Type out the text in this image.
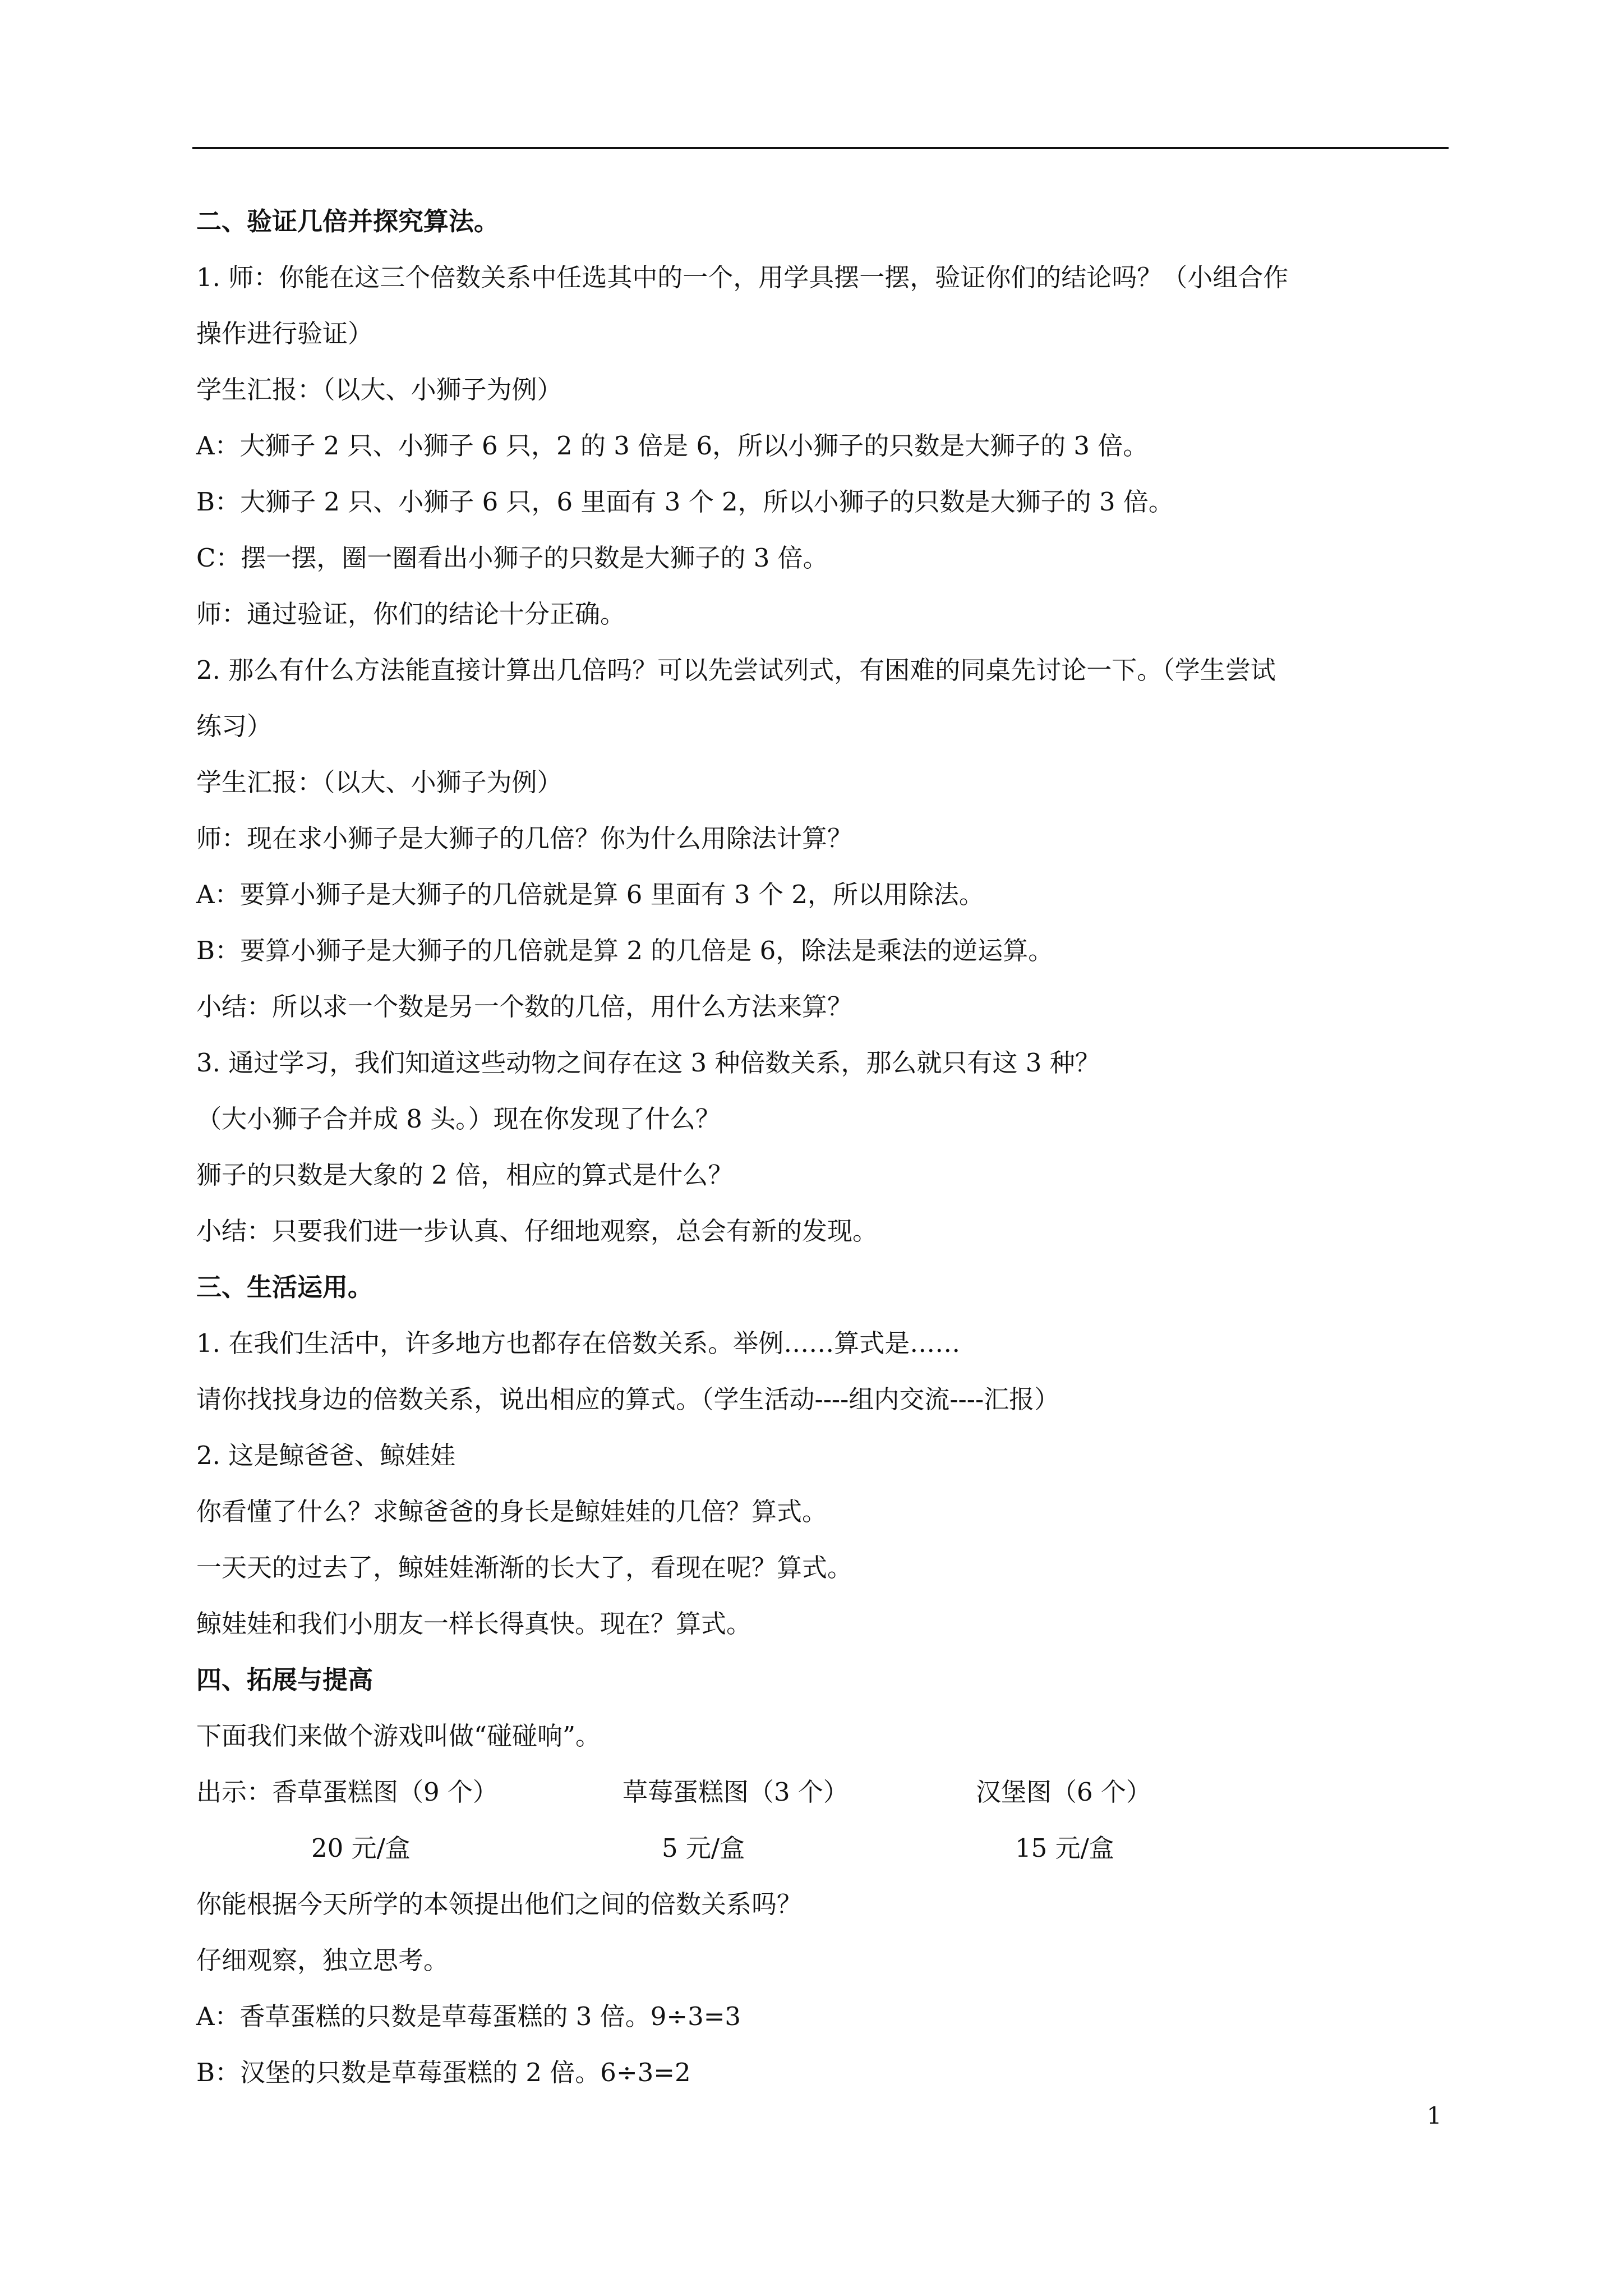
二、验证几倍并探究算法。
1. 师：你能在这三个倍数关系中任选其中的一个，用学具摆一摆，验证你们的结论吗？（小组合作
操作进行验证）
学生汇报：（以大、小狮子为例）
A：大狮子 2 只、小狮子 6 只，2 的 3 倍是 6，所以小狮子的只数是大狮子的 3 倍。
B：大狮子 2 只、小狮子 6 只，6 里面有 3 个 2，所以小狮子的只数是大狮子的 3 倍。
C：摆一摆，圈一圈看出小狮子的只数是大狮子的 3 倍。
师：通过验证，你们的结论十分正确。
2. 那么有什么方法能直接计算出几倍吗？可以先尝试列式，有困难的同桌先讨论一下。（学生尝试
练习）
学生汇报：（以大、小狮子为例）
师：现在求小狮子是大狮子的几倍？你为什么用除法计算？
A：要算小狮子是大狮子的几倍就是算 6 里面有 3 个 2，所以用除法。
B：要算小狮子是大狮子的几倍就是算 2 的几倍是 6，除法是乘法的逆运算。
小结：所以求一个数是另一个数的几倍，用什么方法来算？
3. 通过学习，我们知道这些动物之间存在这 3 种倍数关系，那么就只有这 3 种？
（大小狮子合并成 8 头。）现在你发现了什么？
狮子的只数是大象的 2 倍，相应的算式是什么？
小结：只要我们进一步认真、仔细地观察，总会有新的发现。
三、生活运用。
1. 在我们生活中，许多地方也都存在倍数关系。举例……算式是……
请你找找身边的倍数关系，说出相应的算式。（学生活动----组内交流----汇报）
2. 这是鲸爸爸、鲸娃娃
你看懂了什么？求鲸爸爸的身长是鲸娃娃的几倍？算式。
一天天的过去了，鲸娃娃渐渐的长大了，看现在呢？算式。
鲸娃娃和我们小朋友一样长得真快。现在？算式。
四、拓展与提高
下面我们来做个游戏叫做“碰碰响”。
出示：香草蛋糕图（9 个）	草莓蛋糕图（3 个）	汉堡图（6 个）
20 元/盒	5 元/盒	15 元/盒
你能根据今天所学的本领提出他们之间的倍数关系吗？
仔细观察，独立思考。
A：香草蛋糕的只数是草莓蛋糕的 3 倍。9÷3=3
B：汉堡的只数是草莓蛋糕的 2 倍。6÷3=2
1
